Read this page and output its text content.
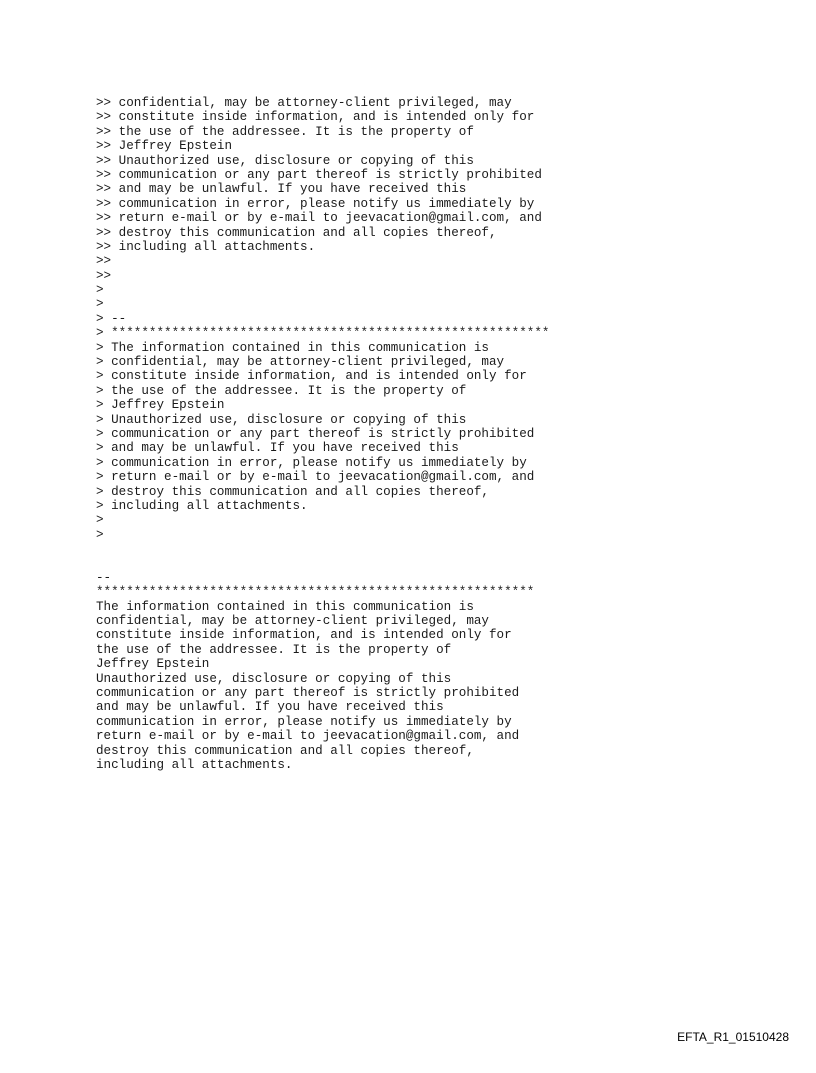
>> confidential, may be attorney-client privileged, may
>> constitute inside information, and is intended only for
>> the use of the addressee. It is the property of
>> Jeffrey Epstein
>> Unauthorized use, disclosure or copying of this
>> communication or any part thereof is strictly prohibited
>> and may be unlawful. If you have received this
>> communication in error, please notify us immediately by
>> return e-mail or by e-mail to jeevacation@gmail.com, and
>> destroy this communication and all copies thereof,
>> including all attachments.
>>
>>
>
>
> --
> **********************************************************
> The information contained in this communication is
> confidential, may be attorney-client privileged, may
> constitute inside information, and is intended only for
> the use of the addressee. It is the property of
> Jeffrey Epstein
> Unauthorized use, disclosure or copying of this
> communication or any part thereof is strictly prohibited
> and may be unlawful. If you have received this
> communication in error, please notify us immediately by
> return e-mail or by e-mail to jeevacation@gmail.com, and
> destroy this communication and all copies thereof,
> including all attachments.
>
>
--
**********************************************************
The information contained in this communication is
confidential, may be attorney-client privileged, may
constitute inside information, and is intended only for
the use of the addressee. It is the property of
Jeffrey Epstein
Unauthorized use, disclosure or copying of this
communication or any part thereof is strictly prohibited
and may be unlawful. If you have received this
communication in error, please notify us immediately by
return e-mail or by e-mail to jeevacation@gmail.com, and
destroy this communication and all copies thereof,
including all attachments.
EFTA_R1_01510428
